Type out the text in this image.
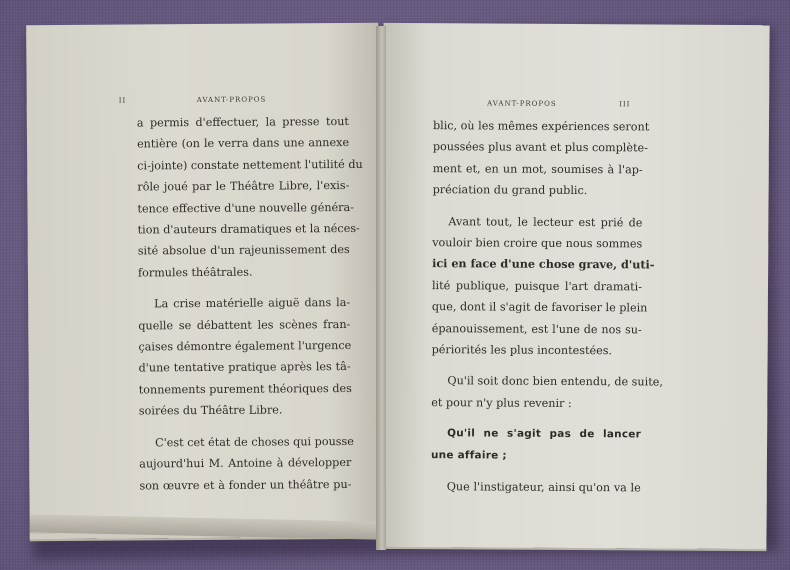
II	AVANT-PROPOS
a permis d'effectuer, la presse tout
entière (on le verra dans une annexe
ci-jointe) constate nettement l'utilité du
rôle joué par le Théâtre Libre, l'exis-
tence effective d'une nouvelle généra-
tion d'auteurs dramatiques et la néces-
sité absolue d'un rajeunissement des
formules théâtrales.
La crise matérielle aiguë dans la-
quelle se débattent les scènes fran-
çaises démontre également l'urgence
d'une tentative pratique après les tâ-
tonnements purement théoriques des
soirées du Théâtre Libre.
C'est cet état de choses qui pousse
aujourd'hui M. Antoine à développer
son œuvre et à fonder un théâtre pu-
AVANT-PROPOS	III
blic, où les mêmes expériences seront
poussées plus avant et plus complète-
ment et, en un mot, soumises à l'ap-
préciation du grand public.
Avant tout, le lecteur est prié de
vouloir bien croire que nous sommes
ici en face d'une chose grave, d'uti-
lité publique, puisque l'art dramati-
que, dont il s'agit de favoriser le plein
épanouissement, est l'une de nos su-
périorités les plus incontestées.
Qu'il soit donc bien entendu, de suite,
et pour n'y plus revenir :
Qu'il ne s'agit pas de lancer
une affaire ;
Que l'instigateur, ainsi qu'on va le
